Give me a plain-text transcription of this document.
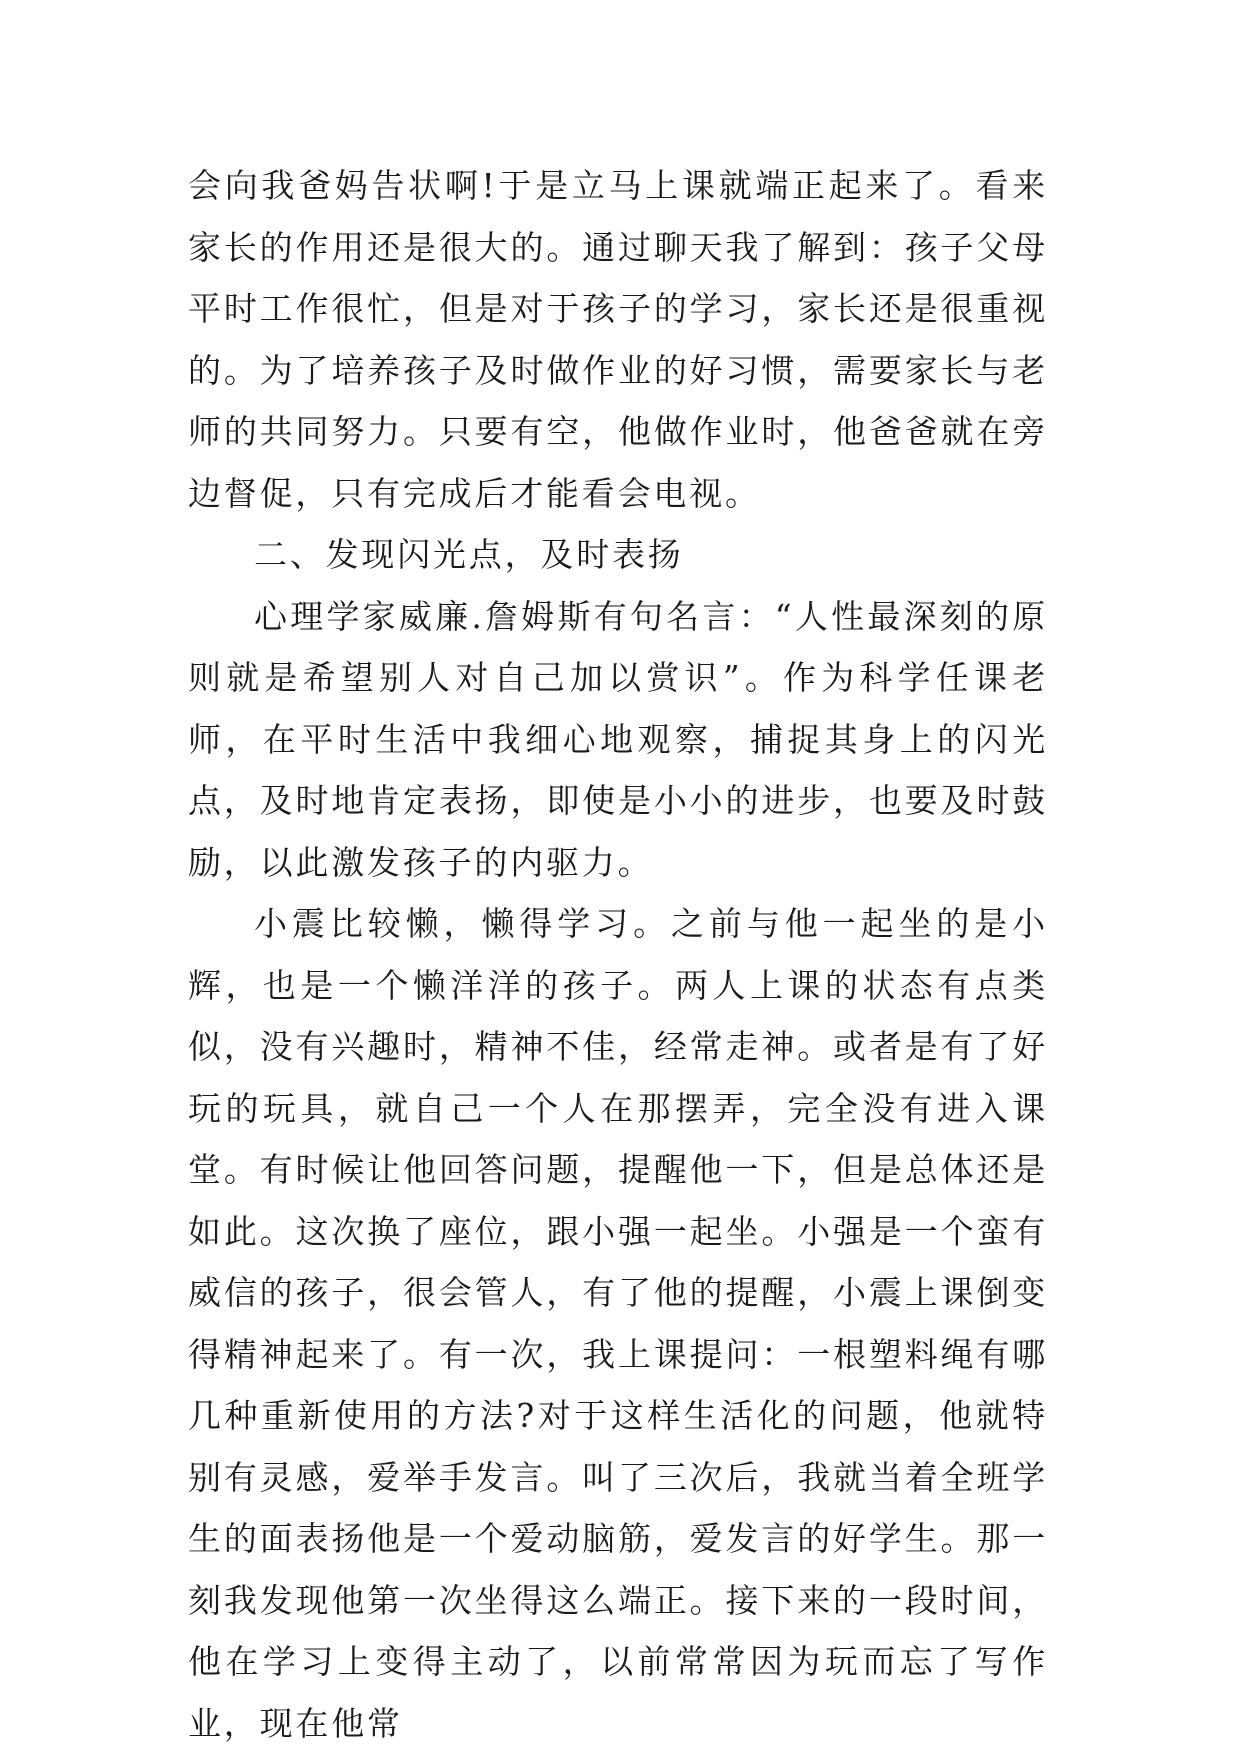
会向我爸妈告状啊!于是立马上课就端正起来了。看来家长的作用还是很大的。通过聊天我了解到：孩子父母平时工作很忙，但是对于孩子的学习，家长还是很重视的。为了培养孩子及时做作业的好习惯，需要家长与老师的共同努力。只要有空，他做作业时，他爸爸就在旁边督促，只有完成后才能看会电视。

二、发现闪光点，及时表扬

心理学家威廉.詹姆斯有句名言：“人性最深刻的原则就是希望别人对自己加以赏识”。作为科学任课老师，在平时生活中我细心地观察，捕捉其身上的闪光点，及时地肯定表扬，即使是小小的进步，也要及时鼓励，以此激发孩子的内驱力。

小震比较懒，懒得学习。之前与他一起坐的是小辉，也是一个懒洋洋的孩子。两人上课的状态有点类似，没有兴趣时，精神不佳，经常走神。或者是有了好玩的玩具，就自己一个人在那摆弄，完全没有进入课堂。有时候让他回答问题，提醒他一下，但是总体还是如此。这次换了座位，跟小强一起坐。小强是一个蛮有威信的孩子，很会管人，有了他的提醒，小震上课倒变得精神起来了。有一次，我上课提问：一根塑料绳有哪几种重新使用的方法?对于这样生活化的问题，他就特别有灵感，爱举手发言。叫了三次后，我就当着全班学生的面表扬他是一个爱动脑筋，爱发言的好学生。那一刻我发现他第一次坐得这么端正。接下来的一段时间，他在学习上变得主动了，以前常常因为玩而忘了写作业，现在他常
